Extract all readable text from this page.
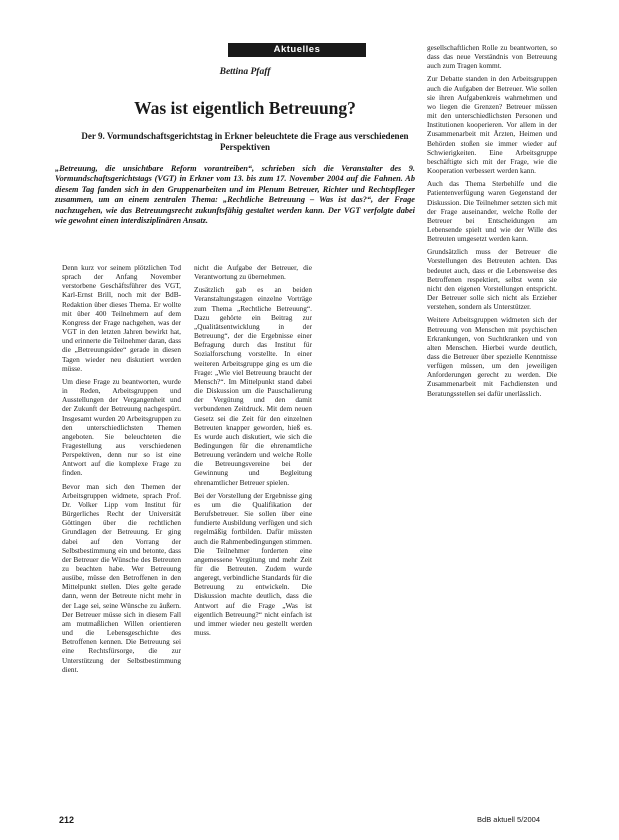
Aktuelles
Bettina Pfaff
Was ist eigentlich Betreuung?
Der 9. Vormundschaftsgerichtstag in Erkner beleuchtete die Frage aus verschiedenen Perspektiven
„Betreuung, die unsichtbare Reform vorantreiben“, schrieben sich die Veranstalter des 9. Vormundschaftsgerichtstags (VGT) in Erkner vom 13. bis zum 17. November 2004 auf die Fahnen. Ab diesem Tag fanden sich in den Gruppenarbeiten und im Plenum Betreuer, Richter und Rechtspfleger zusammen, um an einem zentralen Thema: „Rechtliche Betreuung – Was ist das?“, der Frage nachzugehen, wie das Betreuungsrecht zukunftsfähig gestaltet werden kann. Der VGT verfolgte dabei wie gewohnt einen interdisziplinären Ansatz.

Denn kurz vor seinem plötzlichen Tod sprach der Anfang November verstorbene Geschäftsführer des VGT, Karl-Ernst Brill, noch mit der BdB-Redaktion über dieses Thema. Er wollte mit über 400 Teilnehmern auf dem Kongress der Frage nachgehen, was der VGT in den letzten Jahren bewirkt hat, und erinnerte die Teilnehmer daran, dass die „Betreuungsidee“ gerade in diesen Tagen wieder neu diskutiert werden müsse.

Um diese Frage zu beantworten, wurde in Reden, Arbeitsgruppen und Ausstellungen der Vergangenheit und der Zukunft der Betreuung nachgespürt. Insgesamt wurden 20 Arbeitsgruppen zu den unterschiedlichsten Themen angeboten. Sie beleuchteten die Fragestellung aus verschiedenen Perspektiven, denn nur so ist eine Antwort auf die komplexe Frage zu finden.

Bevor man sich den Themen der Arbeitsgruppen widmete, sprach Prof. Dr. Volker Lipp vom Institut für Bürgerliches Recht der Universität Göttingen über die rechtlichen Grundlagen der Betreuung. Er ging dabei auf den Vorrang der Selbstbestimmung ein und betonte, dass der Betreuer die Wünsche des Betreuten zu beachten habe. Wer Betreuung ausübe, müsse den Betroffenen in den Mittelpunkt stellen. Dies gelte gerade dann, wenn der Betreute nicht mehr in der Lage sei, seine Wünsche zu äußern. Der Betreuer müsse sich in diesem Fall am mutmaßlichen Willen orientieren und die Lebensgeschichte des Betroffenen kennen. Die Betreuung sei eine Rechtsfürsorge, die zur Unterstützung der Selbstbestimmung dient.

nicht die Aufgabe der Betreuer, die Verantwortung zu übernehmen.

Zusätzlich gab es an beiden Veranstaltungstagen einzelne Vorträge zum Thema „Rechtliche Betreuung“. Dazu gehörte ein Beitrag zur „Qualitätsentwicklung in der Betreuung“, der die Ergebnisse einer Befragung durch das Institut für Sozialforschung vorstellte. In einer weiteren Arbeitsgruppe ging es um die Frage: „Wie viel Betreuung braucht der Mensch?“. Im Mittelpunkt stand dabei die Diskussion um die Pauschalierung der Vergütung und den damit verbundenen Zeitdruck. Mit dem neuen Gesetz sei die Zeit für den einzelnen Betreuten knapper geworden, hieß es. Es wurde auch diskutiert, wie sich die Bedingungen für die ehrenamtliche Betreuung verändern und welche Rolle die Betreuungsvereine bei der Gewinnung und Begleitung ehrenamtlicher Betreuer spielen.

Bei der Vorstellung der Ergebnisse ging es um die Qualifikation der Berufsbetreuer. Sie sollen über eine fundierte Ausbildung verfügen und sich regelmäßig fortbilden. Dafür müssten auch die Rahmenbedingungen stimmen. Die Teilnehmer forderten eine angemessene Vergütung und mehr Zeit für die Betreuten. Zudem wurde angeregt, verbindliche Standards für die Betreuung zu entwickeln. Die Diskussion machte deutlich, dass die Antwort auf die Frage „Was ist eigentlich Betreuung?“ nicht einfach ist und immer wieder neu gestellt werden muss.

gesellschaftlichen Rolle zu beantworten, so dass das neue Verständnis von Betreuung auch zum Tragen kommt.

Zur Debatte standen in den Arbeitsgruppen auch die Aufgaben der Betreuer. Wie sollen sie ihren Aufgabenkreis wahrnehmen und wo liegen die Grenzen? Betreuer müssen mit den unterschiedlichsten Personen und Institutionen kooperieren. Vor allem in der Zusammenarbeit mit Ärzten, Heimen und Behörden stoßen sie immer wieder auf Schwierigkeiten. Eine Arbeitsgruppe beschäftigte sich mit der Frage, wie die Kooperation verbessert werden kann.

Auch das Thema Sterbehilfe und die Patientenverfügung waren Gegenstand der Diskussion. Die Teilnehmer setzten sich mit der Frage auseinander, welche Rolle der Betreuer bei Entscheidungen am Lebensende spielt und wie der Wille des Betreuten umgesetzt werden kann.

Grundsätzlich muss der Betreuer die Vorstellungen des Betreuten achten. Das bedeutet auch, dass er die Lebensweise des Betroffenen respektiert, selbst wenn sie nicht den eigenen Vorstellungen entspricht. Der Betreuer solle sich nicht als Erzieher verstehen, sondern als Unterstützer.

Weitere Arbeitsgruppen widmeten sich der Betreuung von Menschen mit psychischen Erkrankungen, von Suchtkranken und von alten Menschen. Hierbei wurde deutlich, dass die Betreuer über spezielle Kenntnisse verfügen müssen, um den jeweiligen Anforderungen gerecht zu werden. Die Zusammenarbeit mit Fachdiensten und Beratungsstellen sei dafür unerlässlich.

212	BdB aktuell 5/2004
